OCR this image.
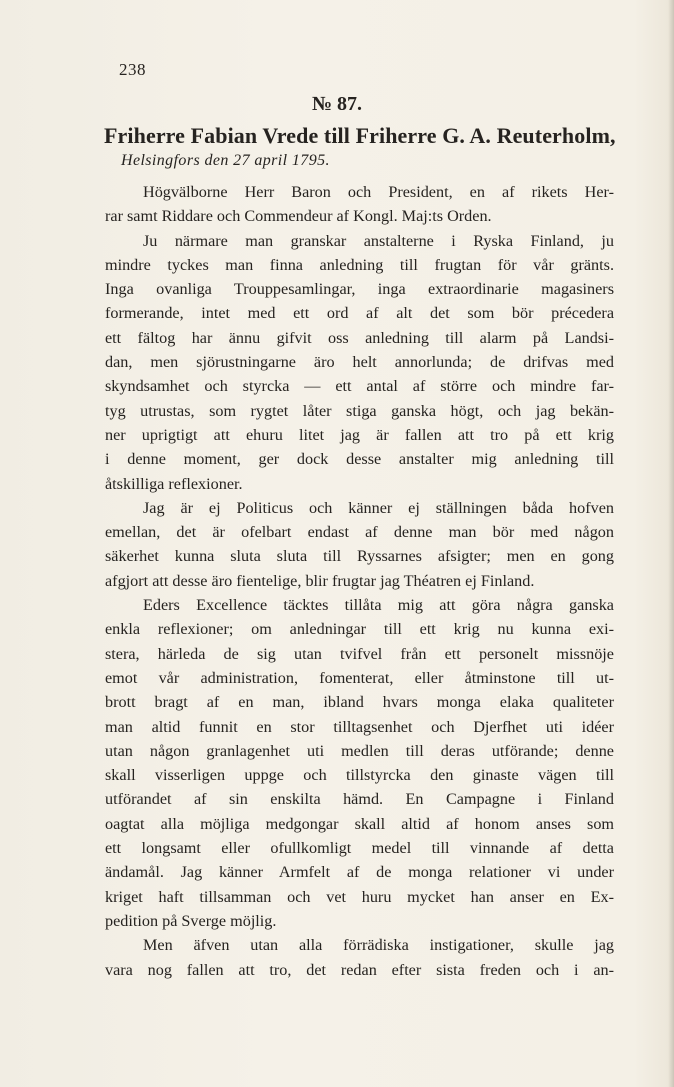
238
№ 87.
Friherre Fabian Vrede till Friherre G. A. Reuterholm,
Helsingfors den 27 april 1795.
Högvälborne Herr Baron och President, en af rikets Her-
rar samt Riddare och Commendeur af Kongl. Maj:ts Orden.
Ju närmare man granskar anstalterne i Ryska Finland, ju
mindre tyckes man finna anledning till frugtan för vår gränts.
Inga ovanliga Trouppesamlingar, inga extraordinarie magasiners
formerande, intet med ett ord af alt det som bör précedera
ett fältog har ännu gifvit oss anledning till alarm på Landsi-
dan, men sjörustningarne äro helt annorlunda; de drifvas med
skyndsamhet och styrcka — ett antal af större och mindre far-
tyg utrustas, som rygtet låter stiga ganska högt, och jag bekän-
ner uprigtigt att ehuru litet jag är fallen att tro på ett krig
i denne moment, ger dock desse anstalter mig anledning till
åtskilliga reflexioner.
Jag är ej Politicus och känner ej ställningen båda hofven
emellan, det är ofelbart endast af denne man bör med någon
säkerhet kunna sluta sluta till Ryssarnes afsigter; men en gong
afgjort att desse äro fientelige, blir frugtar jag Théatren ej Finland.
Eders Excellence täcktes tillåta mig att göra några ganska
enkla reflexioner; om anledningar till ett krig nu kunna exi-
stera, härleda de sig utan tvifvel från ett personelt missnöje
emot vår administration, fomenterat, eller åtminstone till ut-
brott bragt af en man, ibland hvars monga elaka qualiteter
man altid funnit en stor tilltagsenhet och Djerfhet uti idéer
utan någon granlagenhet uti medlen till deras utförande; denne
skall visserligen uppge och tillstyrcka den ginaste vägen till
utförandet af sin enskilta hämd. En Campagne i Finland
oagtat alla möjliga medgongar skall altid af honom anses som
ett longsamt eller ofullkomligt medel till vinnande af detta
ändamål. Jag känner Armfelt af de monga relationer vi under
kriget haft tillsamman och vet huru mycket han anser en Ex-
pedition på Sverge möjlig.
Men äfven utan alla förrädiska instigationer, skulle jag
vara nog fallen att tro, det redan efter sista freden och i an-
